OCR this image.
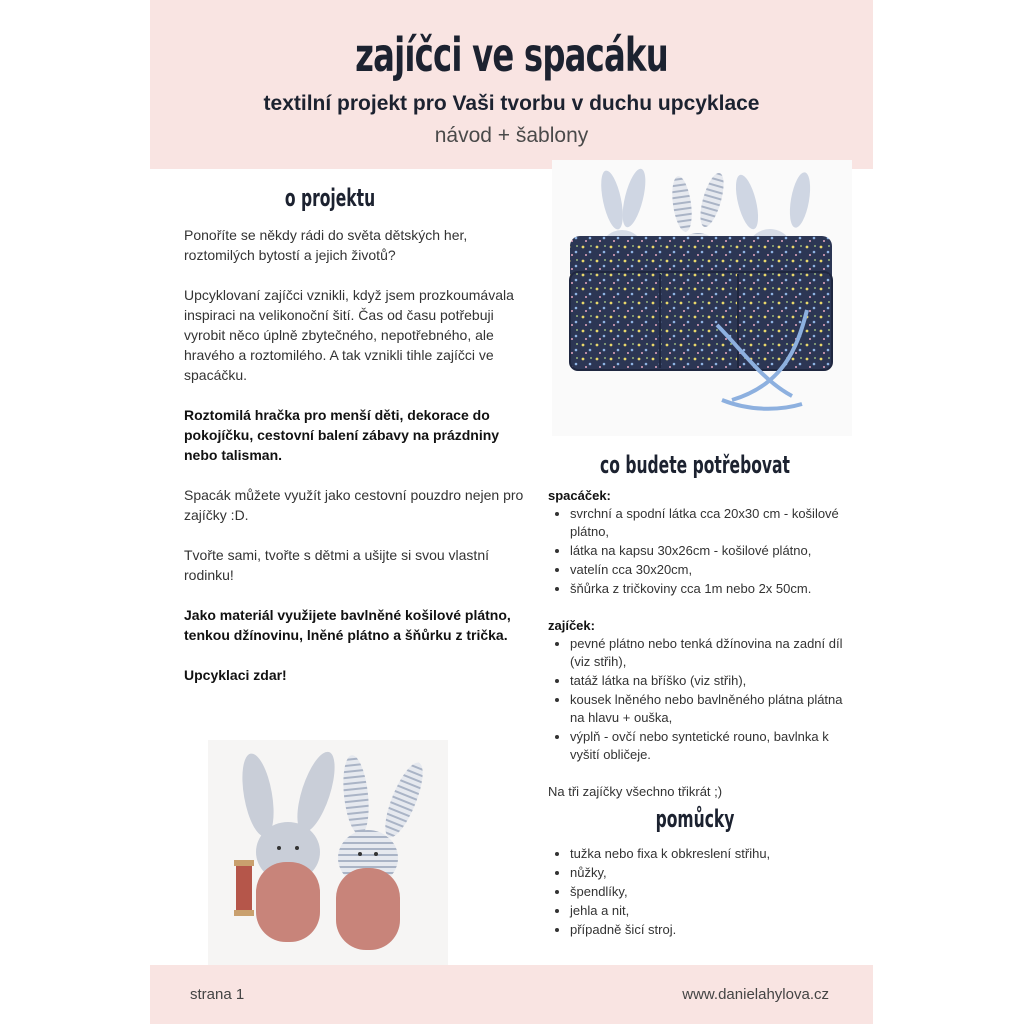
zajíčci ve spacáku

textilní projekt pro Vaši tvorbu v duchu upcyklace

návod + šablony

o projektu

Ponoříte se někdy rádi do světa dětských her, roztomilých bytostí a jejich životů?

Upcyklovaní zajíčci vznikli, když jsem prozkoumávala inspiraci na velikonoční šití. Čas od času potřebuji vyrobit něco úplně zbytečného, nepotřebného, ale hravého a roztomilého. A tak vznikli tihle zajíčci ve spacáčku.

Roztomilá hračka pro menší děti, dekorace do pokojíčku, cestovní balení zábavy na prázdniny nebo talisman.

Spacák můžete využít jako cestovní pouzdro nejen pro zajíčky :D.

Tvořte sami, tvořte s dětmi a ušijte si svou vlastní rodinku!

Jako materiál využijete bavlněné košilové plátno, tenkou džínovinu, lněné plátno a šňůrku z trička.

Upcyklaci zdar!

co budete potřebovat

spacáček:

• svrchní a spodní látka cca 20x30 cm - košilové plátno,
• látka na kapsu 30x26cm - košilové plátno,
• vatelín cca 30x20cm,
• šňůrka z tričkoviny cca 1m nebo 2x 50cm.

zajíček:

• pevné plátno nebo tenká džínovina na zadní díl (viz střih),
• tatáž látka na bříško (viz střih),
• kousek lněného nebo bavlněného plátna plátna na hlavu + ouška,
• výplň - ovčí nebo syntetické rouno, bavlnka k vyšití obličeje.

Na tři zajíčky všechno třikrát ;)

pomůcky
• tužka nebo fixa k obkreslení střihu,
• nůžky,
• špendlíky,
• jehla a nit,
• případně šicí stroj.
strana 1	www.danielahylova.cz
